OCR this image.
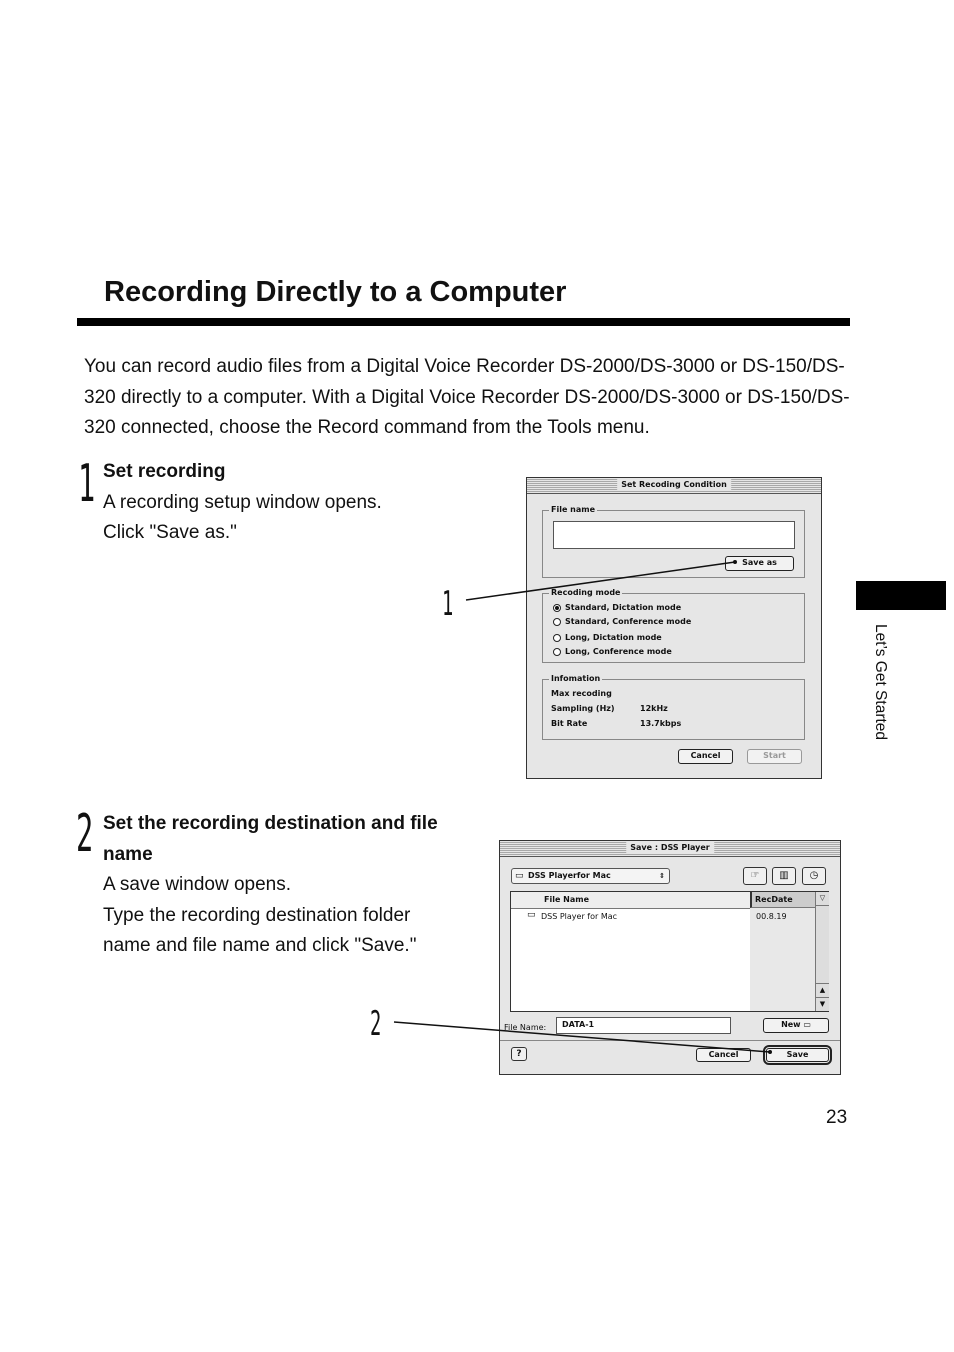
Recording Directly to a Computer
You can record audio files from a Digital Voice Recorder DS-2000/DS-3000 or DS-150/DS-320 directly to a computer. With a Digital Voice Recorder DS-2000/DS-3000 or DS-150/DS-320 connected, choose the Record command from the Tools menu.
1 Set recording
A recording setup window opens.
Click "Save as."
2 Set the recording destination and file
name
A save window opens.
Type the recording destination folder
name and file name and click "Save."
Set Recoding Condition
File name
Save as
Recoding mode
Standard, Dictation mode
Standard, Conference mode
Long, Dictation mode
Long, Conference mode
Infomation
Max recoding
Sampling (Hz)	12kHz
Bit Rate	13.7kbps
Cancel	Start
Save : DSS Player
▭ DSS Playerfor Mac	⇕	☞	▥	◷
File Name	RecDate	▽
▲
▼
▭ DSS Player for Mac	00.8.19
File Name:	DATA-1	New ▭
?	Cancel	Save
1
2
Let’s Get Started
23
